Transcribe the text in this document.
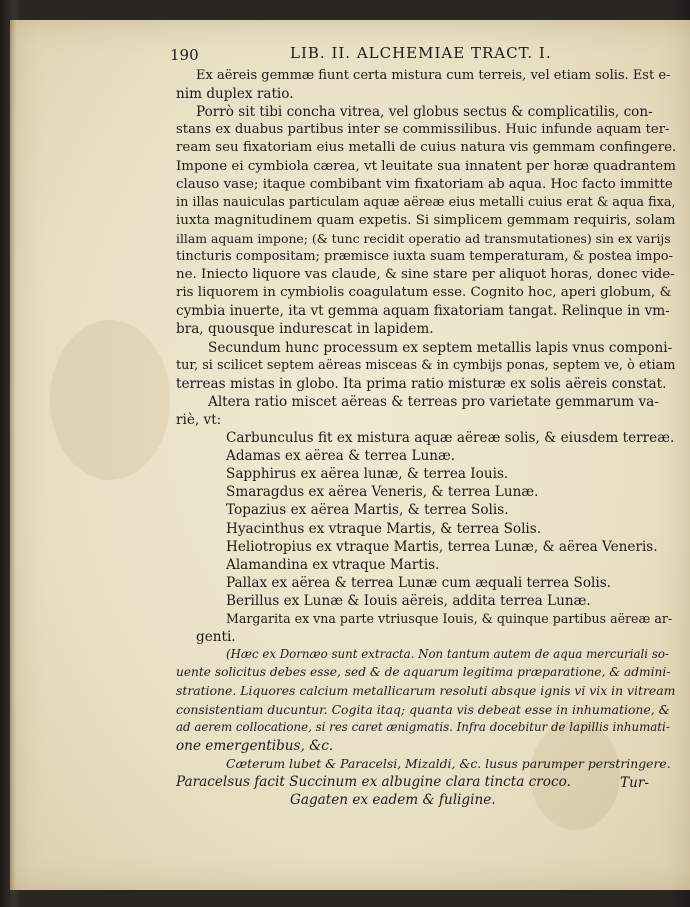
190	LIB. II. ALCHEMIAE TRACT. I.
Ex aëreis gemmæ fiunt certa mistura cum terreis, vel etiam solis. Est e-
nim duplex ratio.
Porrò sit tibi concha vitrea, vel globus sectus & complicatilis, con-
stans ex duabus partibus inter se commissilibus. Huic infunde aquam ter-
ream seu fixatoriam eius metalli de cuius natura vis gemmam confingere.
Impone ei cymbiola cærea, vt leuitate sua innatent per horæ quadrantem
clauso vase; itaque combibant vim fixatoriam ab aqua. Hoc facto immitte
in illas nauiculas particulam aquæ aëreæ eius metalli cuius erat & aqua fixa,
iuxta magnitudinem quam expetis. Si simplicem gemmam requiris, solam
illam aquam impone; (& tunc recidit operatio ad transmutationes) sin ex varijs
tincturis compositam; præmisce iuxta suam temperaturam, & postea impo-
ne. Iniecto liquore vas claude, & sine stare per aliquot horas, donec vide-
ris liquorem in cymbiolis coagulatum esse. Cognito hoc, aperi globum, &
cymbia inuerte, ita vt gemma aquam fixatoriam tangat. Relinque in vm-
bra, quousque indurescat in lapidem.
Secundum hunc processum ex septem metallis lapis vnus componi-
tur, si scilicet septem aëreas misceas & in cymbijs ponas, septem ve, ò etiam
terreas mistas in globo. Ita prima ratio misturæ ex solis aëreis constat.
Altera ratio miscet aëreas & terreas pro varietate gemmarum va-
riè, vt:
Carbunculus fit ex mistura aquæ aëreæ solis, & eiusdem terreæ.
Adamas ex aërea & terrea Lunæ.
Sapphirus ex aërea lunæ, & terrea Iouis.
Smaragdus ex aërea Veneris, & terrea Lunæ.
Topazius ex aërea Martis, & terrea Solis.
Hyacinthus ex vtraque Martis, & terrea Solis.
Heliotropius ex vtraque Martis, terrea Lunæ, & aërea Veneris.
Alamandina ex vtraque Martis.
Pallax ex aërea & terrea Lunæ cum æquali terrea Solis.
Berillus ex Lunæ & Iouis aëreis, addita terrea Lunæ.
Margarita ex vna parte vtriusque Iouis, & quinque partibus aëreæ ar-
genti.
(Hæc ex Dornæo sunt extracta. Non tantum autem de aqua mercuriali so-
uente solicitus debes esse, sed & de aquarum legitima præparatione, & admini-
stratione. Liquores calcium metallicarum resoluti absque ignis vi vix in vitream
consistentiam ducuntur. Cogita itaq; quanta vis debeat esse in inhumatione, &
ad aerem collocatione, si res caret ænigmatis. Infra docebitur de lapillis inhumati-
one emergentibus, &c.
Cæterum lubet & Paracelsi, Mizaldi, &c. lusus parumper perstringere.
Paracelsus facit Succinum ex albugine clara tincta croco.
Gagaten ex eadem & fuligine.
Tur-
